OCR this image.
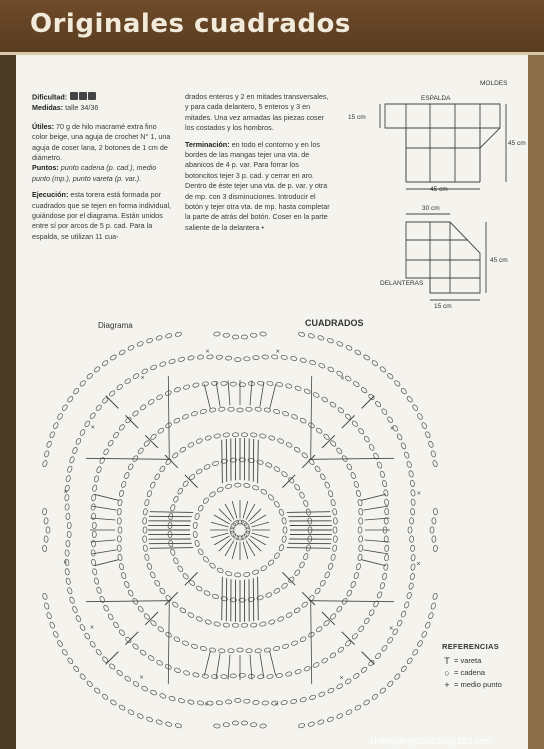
Originales cuadrados

Dificultad:
Medidas: talle 34/36

Útiles: 70 g de hilo macramé extra fino color beige, una aguja de crochet N° 1, una aguja de coser lana, 2 botones de 1 cm de diámetro.
Puntos: punto cadena (p. cad.), medio punto (mp.), punto vareta (p. var.).

Ejecución: esta torera está formada por cuadrados que se tejen en forma individual, guiándose por el diagrama. Están unidos entre sí por arcos de 5 p. cad. Para la espalda, se utilizan 11 cua-

drados enteros y 2 en mitades transversales, y para cada delantero, 5 enteros y 3 en mitades. Una vez armadas las piezas coser los costados y los hombros.

Terminación: en todo el contorno y en los bordes de las mangas tejer una vta. de abanicos de 4 p. var. Para forrar los botoncitos tejer 3 p. cad. y cerrar en aro. Dentro de éste tejer una vta. de p. var. y otra de mp. con 3 disminuciones. Introducir el botón y tejer otra vta. de mp. hasta completar la parte de atrás del botón. Coser en la parte saliente de la delantera •

MOLDES
ESPALDA
15 cm
45 cm
45 cm
30 cm
45 cm
DELANTERAS
15 cm
Diagrama	CUADRADOS
×
×
×
×
×
×
×
×
×
×
×
×	×
×
×
×
REFERENCIAS
T = vareta
○ = cadena
+ = medio punto
zhengxiling0508.blog.163.com
